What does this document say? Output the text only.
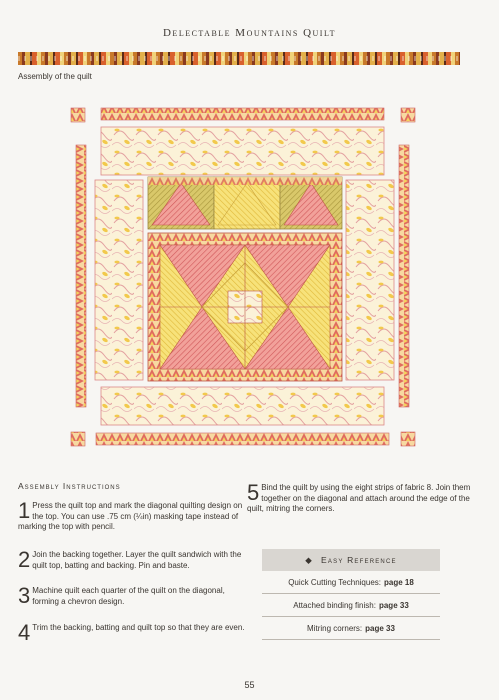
Delectable Mountains Quilt
Assembly of the quilt
Assembly Instructions
1 Press the quilt top and mark the diagonal quilting design on the top. You can use .75 cm (¼in) masking tape instead of marking the top with pencil.
2 Join the backing together. Layer the quilt sandwich with the quilt top, batting and backing. Pin and baste.
3 Machine quilt each quarter of the quilt on the diagonal, forming a chevron design.
4 Trim the backing, batting and quilt top so that they are even.
5 Bind the quilt by using the eight strips of fabric 8. Join them together on the diagonal and attach around the edge of the quilt, mitring the corners.
◆ Easy Reference
Quick Cutting Techniques: page 18
Attached binding finish: page 33
Mitring corners: page 33
55
